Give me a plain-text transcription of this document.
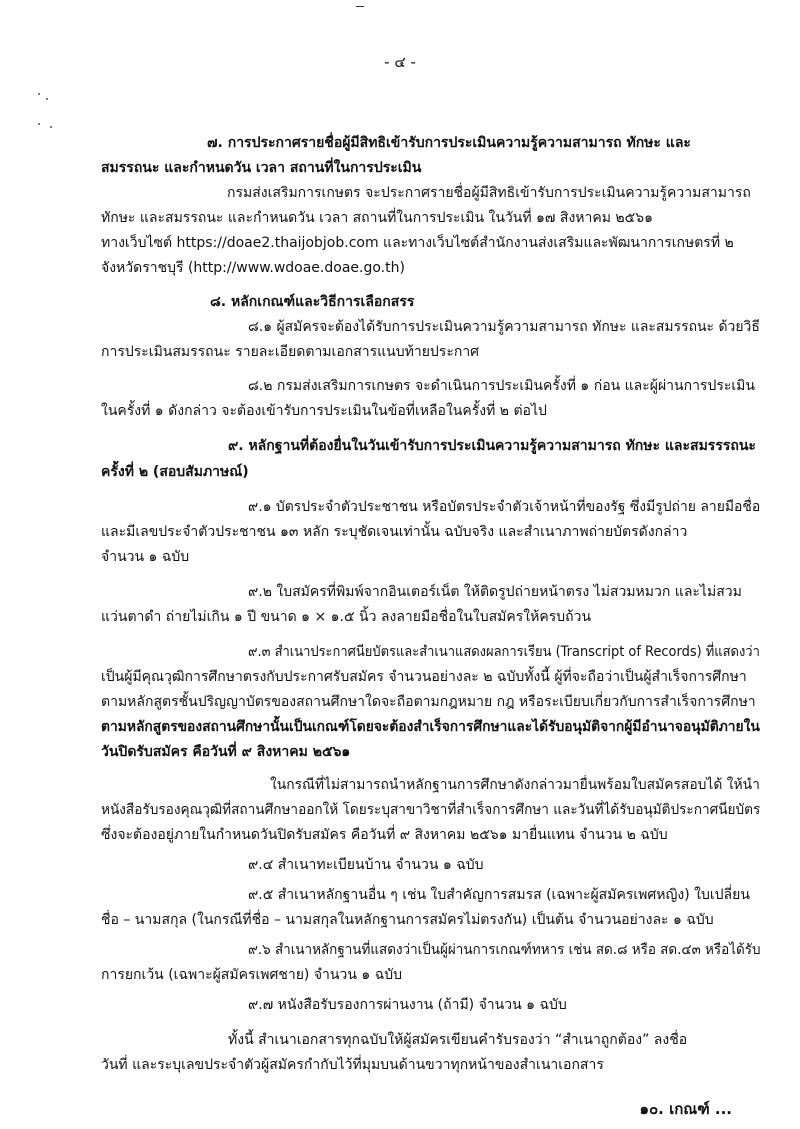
- ๔ -
๗. การประกาศรายชื่อผู้มีสิทธิเข้ารับการประเมินความรู้ความสามารถ ทักษะ และ
สมรรถนะ และกำหนดวัน เวลา สถานที่ในการประเมิน
กรมส่งเสริมการเกษตร จะประกาศรายชื่อผู้มีสิทธิเข้ารับการประเมินความรู้ความสามารถ
ทักษะ และสมรรถนะ และกำหนดวัน เวลา สถานที่ในการประเมิน ในวันที่ ๑๗ สิงหาคม ๒๕๖๑
ทางเว็บไซต์ https://doae2.thaijobjob.com และทางเว็บไซต์สำนักงานส่งเสริมและพัฒนาการเกษตรที่ ๒
จังหวัดราชบุรี (http://www.wdoae.doae.go.th)
๘. หลักเกณฑ์และวิธีการเลือกสรร
๘.๑ ผู้สมัครจะต้องได้รับการประเมินความรู้ความสามารถ ทักษะ และสมรรถนะ ด้วยวิธี
การประเมินสมรรถนะ รายละเอียดตามเอกสารแนบท้ายประกาศ
๘.๒ กรมส่งเสริมการเกษตร จะดำเนินการประเมินครั้งที่ ๑ ก่อน และผู้ผ่านการประเมิน
ในครั้งที่ ๑ ดังกล่าว จะต้องเข้ารับการประเมินในข้อที่เหลือในครั้งที่ ๒ ต่อไป
๙. หลักฐานที่ต้องยื่นในวันเข้ารับการประเมินความรู้ความสามารถ ทักษะ และสมรรรถนะ
ครั้งที่ ๒ (สอบสัมภาษณ์)
๙.๑ บัตรประจำตัวประชาชน หรือบัตรประจำตัวเจ้าหน้าที่ของรัฐ ซึ่งมีรูปถ่าย ลายมือชื่อ
และมีเลขประจำตัวประชาชน ๑๓ หลัก ระบุชัดเจนเท่านั้น ฉบับจริง และสำเนาภาพถ่ายบัตรดังกล่าว
จำนวน ๑ ฉบับ
๙.๒ ใบสมัครที่พิมพ์จากอินเตอร์เน็ต ให้ติดรูปถ่ายหน้าตรง ไม่สวมหมวก และไม่สวม
แว่นตาดำ ถ่ายไม่เกิน ๑ ปี ขนาด ๑ × ๑.๕ นิ้ว ลงลายมือชื่อในใบสมัครให้ครบถ้วน
๙.๓ สำเนาประกาศนียบัตรและสำเนาแสดงผลการเรียน (Transcript of Records) ที่แสดงว่า
เป็นผู้มีคุณวุฒิการศึกษาตรงกับประกาศรับสมัคร จำนวนอย่างละ ๒ ฉบับทั้งนี้ ผู้ที่จะถือว่าเป็นผู้สำเร็จการศึกษา
ตามหลักสูตรชั้นปริญญาบัตรของสถานศึกษาใดจะถือตามกฎหมาย กฎ หรือระเบียบเกี่ยวกับการสำเร็จการศึกษา
ตามหลักสูตรของสถานศึกษานั้นเป็นเกณฑ์โดยจะต้องสำเร็จการศึกษาและได้รับอนุมัติจากผู้มีอำนาจอนุมัติภายใน
วันปิดรับสมัคร คือวันที่ ๙ สิงหาคม ๒๕๖๑
ในกรณีที่ไม่สามารถนำหลักฐานการศึกษาดังกล่าวมายื่นพร้อมใบสมัครสอบได้ ให้นำ
หนังสือรับรองคุณวุฒิที่สถานศึกษาออกให้ โดยระบุสาขาวิชาที่สำเร็จการศึกษา และวันที่ได้รับอนุมัติประกาศนียบัตร
ซึ่งจะต้องอยู่ภายในกำหนดวันปิดรับสมัคร คือวันที่ ๙ สิงหาคม ๒๕๖๑ มายื่นแทน จำนวน ๒ ฉบับ
๙.๔ สำเนาทะเบียนบ้าน จำนวน ๑ ฉบับ
๙.๕ สำเนาหลักฐานอื่น ๆ เช่น ใบสำคัญการสมรส (เฉพาะผู้สมัครเพศหญิง) ใบเปลี่ยน
ชื่อ – นามสกุล (ในกรณีที่ชื่อ – นามสกุลในหลักฐานการสมัครไม่ตรงกัน) เป็นต้น จำนวนอย่างละ ๑ ฉบับ
๙.๖ สำเนาหลักฐานที่แสดงว่าเป็นผู้ผ่านการเกณฑ์ทหาร เช่น สด.๘ หรือ สด.๔๓ หรือได้รับ
การยกเว้น (เฉพาะผู้สมัครเพศชาย) จำนวน ๑ ฉบับ
๙.๗ หนังสือรับรองการผ่านงาน (ถ้ามี) จำนวน ๑ ฉบับ
ทั้งนี้ สำเนาเอกสารทุกฉบับให้ผู้สมัครเขียนคำรับรองว่า “สำเนาถูกต้อง” ลงชื่อ
วันที่ และระบุเลขประจำตัวผู้สมัครกำกับไว้ที่มุมบนด้านขวาทุกหน้าของสำเนาเอกสาร
๑๐. เกณฑ์ ...
